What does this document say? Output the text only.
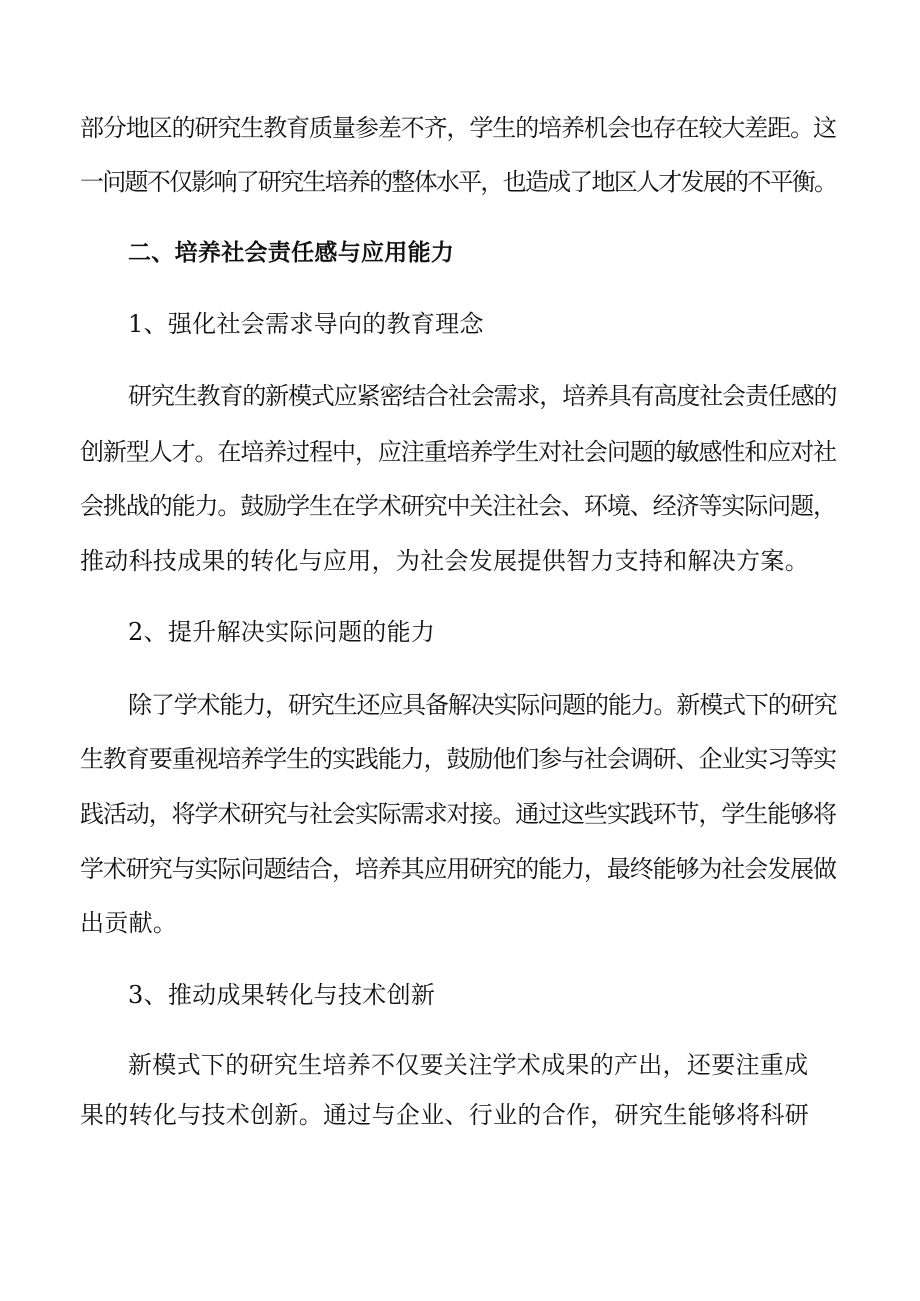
部分地区的研究生教育质量参差不齐，学生的培养机会也存在较大差距。这
一问题不仅影响了研究生培养的整体水平，也造成了地区人才发展的不平衡。
二、培养社会责任感与应用能力
1、强化社会需求导向的教育理念
研究生教育的新模式应紧密结合社会需求，培养具有高度社会责任感的
创新型人才。在培养过程中，应注重培养学生对社会问题的敏感性和应对社
会挑战的能力。鼓励学生在学术研究中关注社会、环境、经济等实际问题，
推动科技成果的转化与应用，为社会发展提供智力支持和解决方案。
2、提升解决实际问题的能力
除了学术能力，研究生还应具备解决实际问题的能力。新模式下的研究
生教育要重视培养学生的实践能力，鼓励他们参与社会调研、企业实习等实
践活动，将学术研究与社会实际需求对接。通过这些实践环节，学生能够将
学术研究与实际问题结合，培养其应用研究的能力，最终能够为社会发展做
出贡献。
3、推动成果转化与技术创新
新模式下的研究生培养不仅要关注学术成果的产出，还要注重成
果的转化与技术创新。通过与企业、行业的合作，研究生能够将科研
